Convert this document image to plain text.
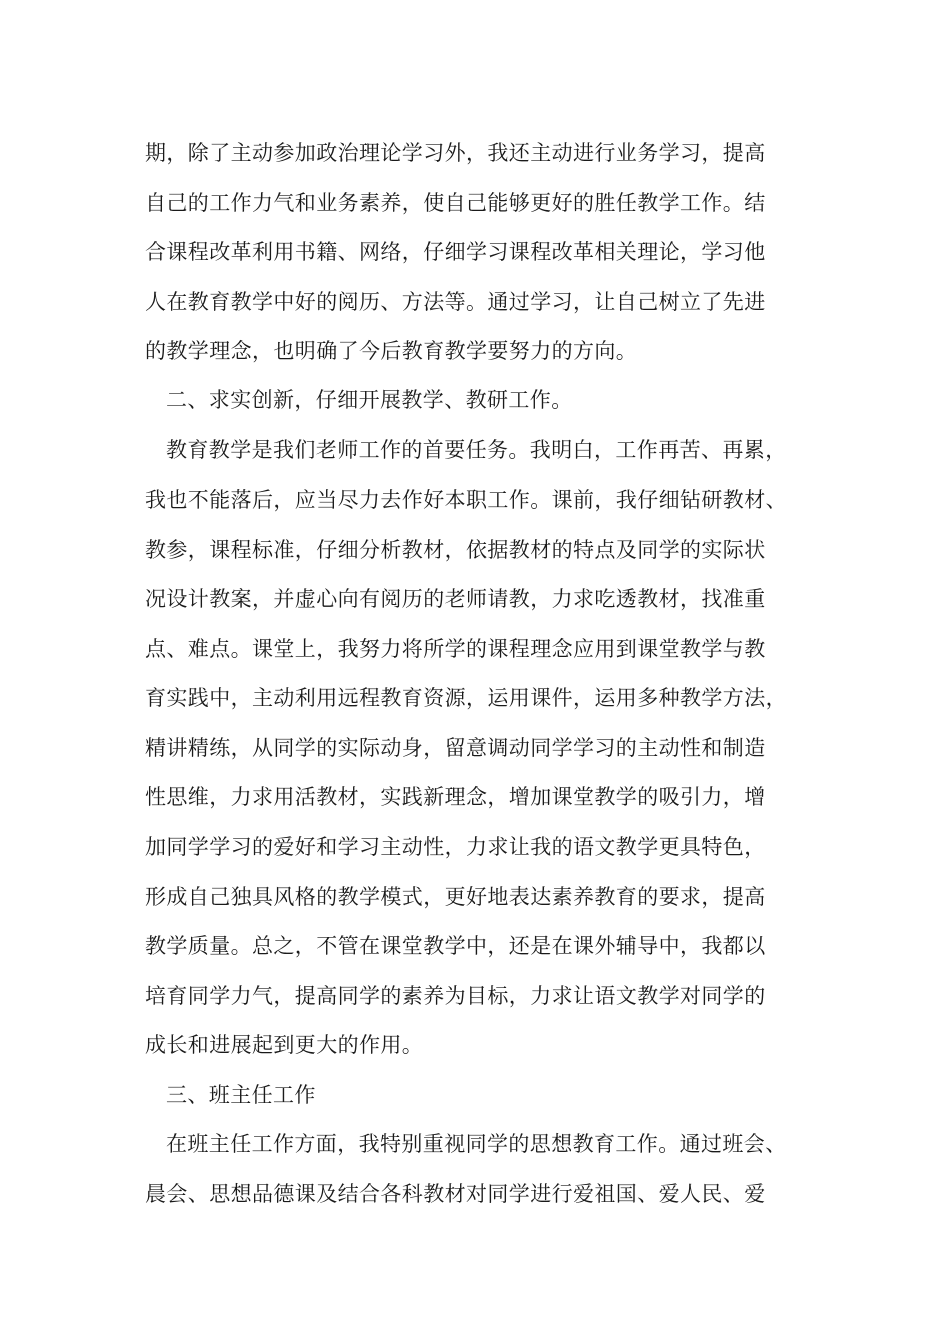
期，除了主动参加政治理论学习外，我还主动进行业务学习，提高
自己的工作力气和业务素养，使自己能够更好的胜任教学工作。结
合课程改革利用书籍、网络，仔细学习课程改革相关理论，学习他
人在教育教学中好的阅历、方法等。通过学习，让自己树立了先进
的教学理念，也明确了今后教育教学要努力的方向。
二、求实创新，仔细开展教学、教研工作。
教育教学是我们老师工作的首要任务。我明白，工作再苦、再累，
我也不能落后，应当尽力去作好本职工作。课前，我仔细钻研教材、
教参，课程标准，仔细分析教材，依据教材的特点及同学的实际状
况设计教案，并虚心向有阅历的老师请教，力求吃透教材，找准重
点、难点。课堂上，我努力将所学的课程理念应用到课堂教学与教
育实践中，主动利用远程教育资源，运用课件，运用多种教学方法，
精讲精练，从同学的实际动身，留意调动同学学习的主动性和制造
性思维，力求用活教材，实践新理念，增加课堂教学的吸引力，增
加同学学习的爱好和学习主动性，力求让我的语文教学更具特色，
形成自己独具风格的教学模式，更好地表达素养教育的要求，提高
教学质量。总之，不管在课堂教学中，还是在课外辅导中，我都以
培育同学力气，提高同学的素养为目标，力求让语文教学对同学的
成长和进展起到更大的作用。
三、班主任工作
在班主任工作方面，我特别重视同学的思想教育工作。通过班会、
晨会、思想品德课及结合各科教材对同学进行爱祖国、爱人民、爱
